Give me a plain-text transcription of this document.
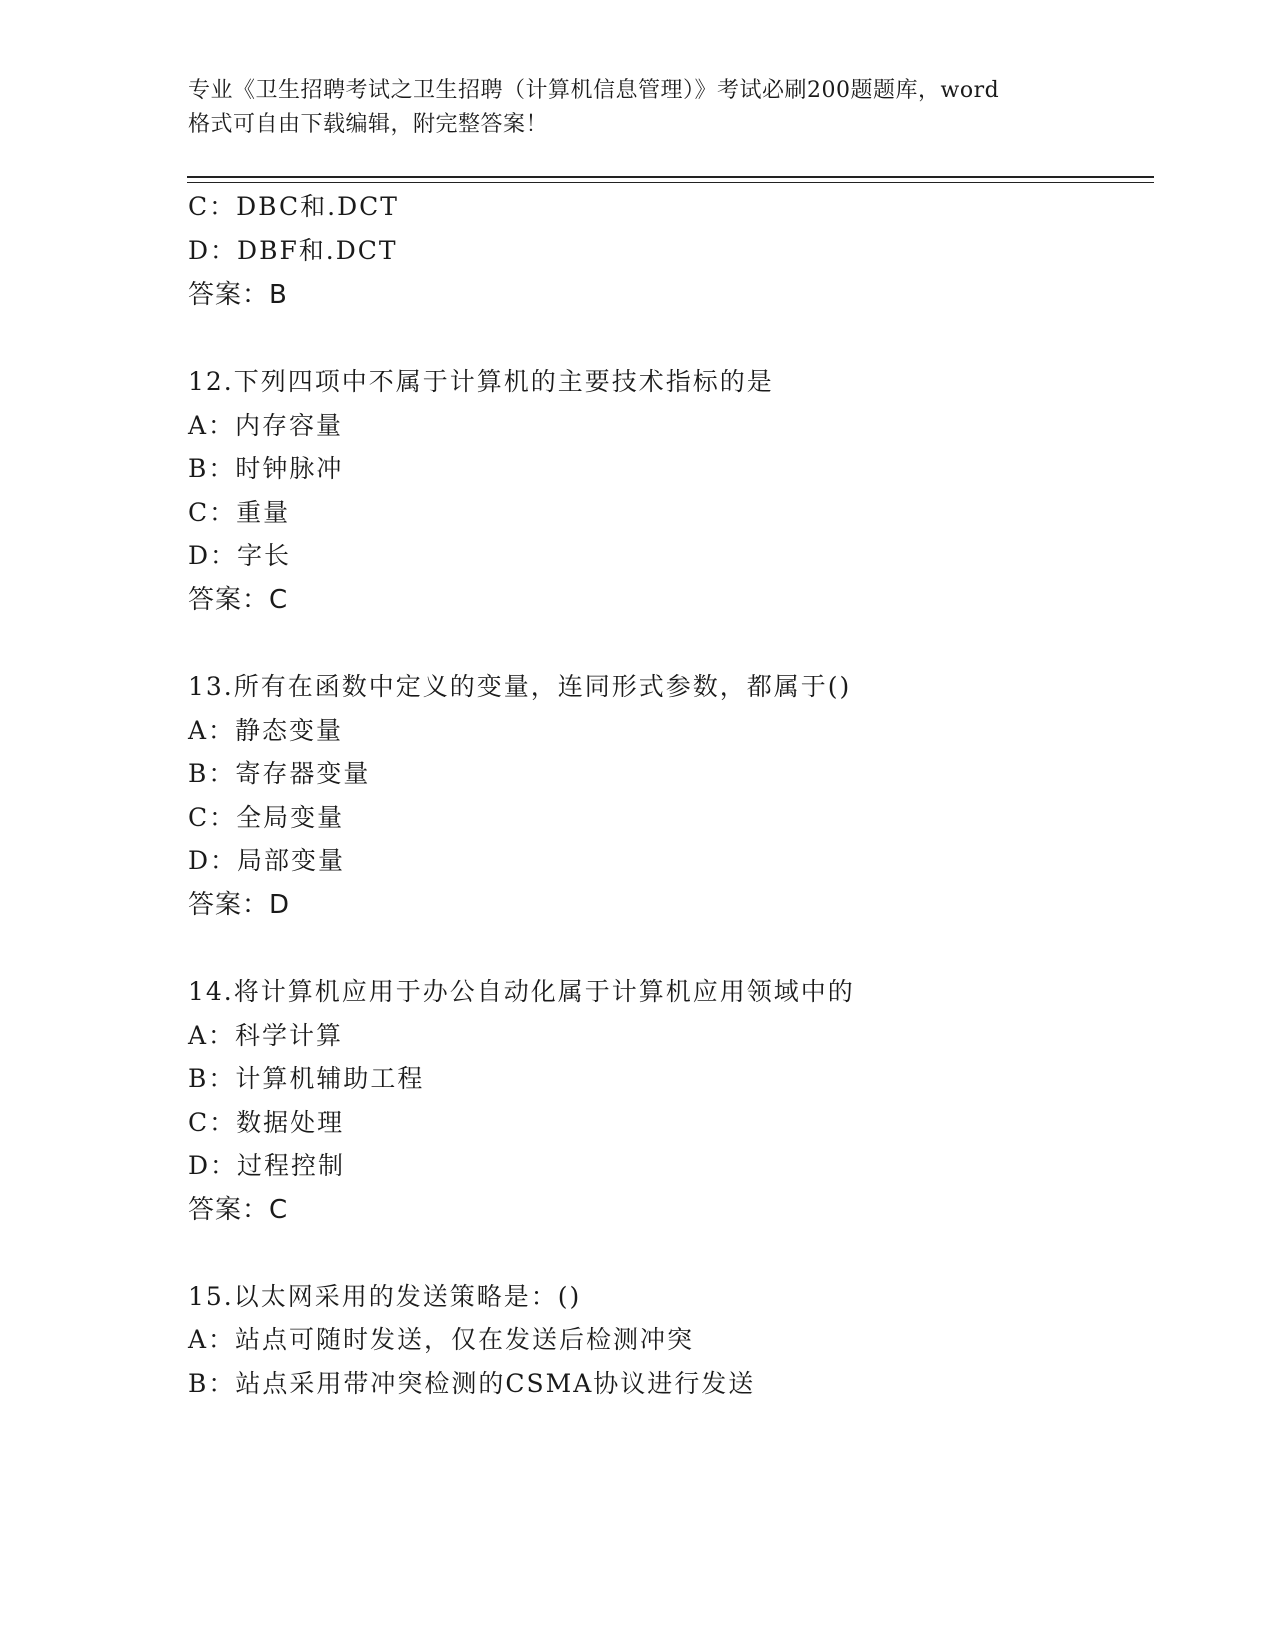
专业《卫生招聘考试之卫生招聘（计算机信息管理）》考试必刷200题题库，word
格式可自由下载编辑，附完整答案！
C：DBC和.DCT
D：DBF和.DCT
答案：B
12.下列四项中不属于计算机的主要技术指标的是
A：内存容量
B：时钟脉冲
C：重量
D：字长
答案：C
13.所有在函数中定义的变量，连同形式参数，都属于()
A：静态变量
B：寄存器变量
C：全局变量
D：局部变量
答案：D
14.将计算机应用于办公自动化属于计算机应用领域中的
A：科学计算
B：计算机辅助工程
C：数据处理
D：过程控制
答案：C
15.以太网采用的发送策略是：()
A：站点可随时发送，仅在发送后检测冲突
B：站点采用带冲突检测的CSMA协议进行发送
